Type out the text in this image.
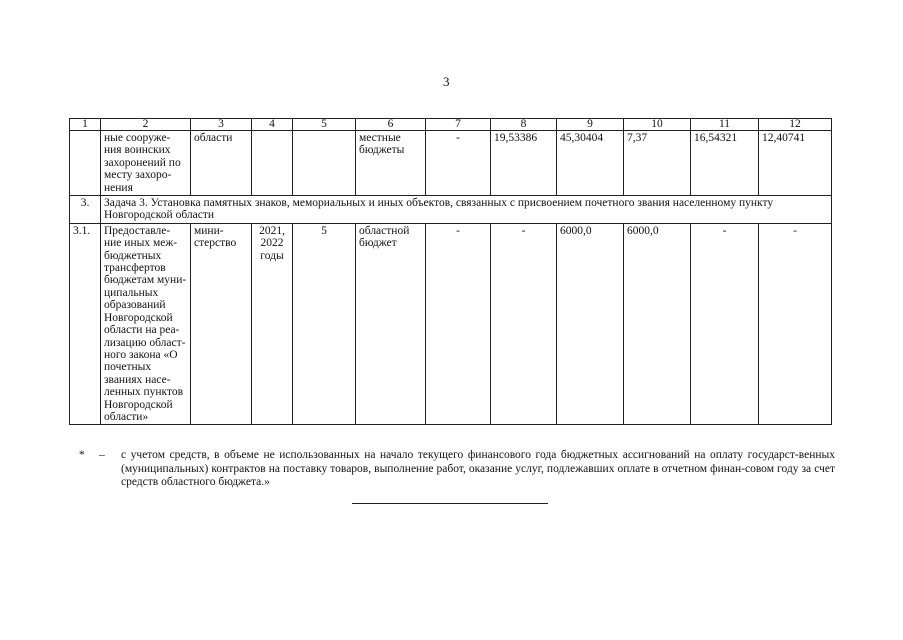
3
1	2	3	4	5	6	7	8	9	10	11	12
	ные сооруже-ния воинских захоронений по месту захоро-нения	области			местные бюджеты	-	19,53386	45,30404	7,37	16,54321	12,40741
3.	Задача 3. Установка памятных знаков, мемориальных и иных объектов, связанных с присвоением почетного звания населенному пункту Новгородской области										
3.1.	Предоставле-ние иных меж-бюджетных трансфертов бюджетам муни-ципальных образований Новгородской области на реа-лизацию област-ного закона «О почетных званиях насе-ленных пунктов Новгородской области»	мини-стерство	2021, 2022 годы	5	областной бюджет	-	-	6000,0	6000,0	-	-
* – с учетом средств, в объеме не использованных на начало текущего финансового года бюджетных ассигнований на оплату государст-венных (муниципальных) контрактов на поставку товаров, выполнение работ, оказание услуг, подлежавших оплате в отчетном финан-совом году за счет средств областного бюджета.»
